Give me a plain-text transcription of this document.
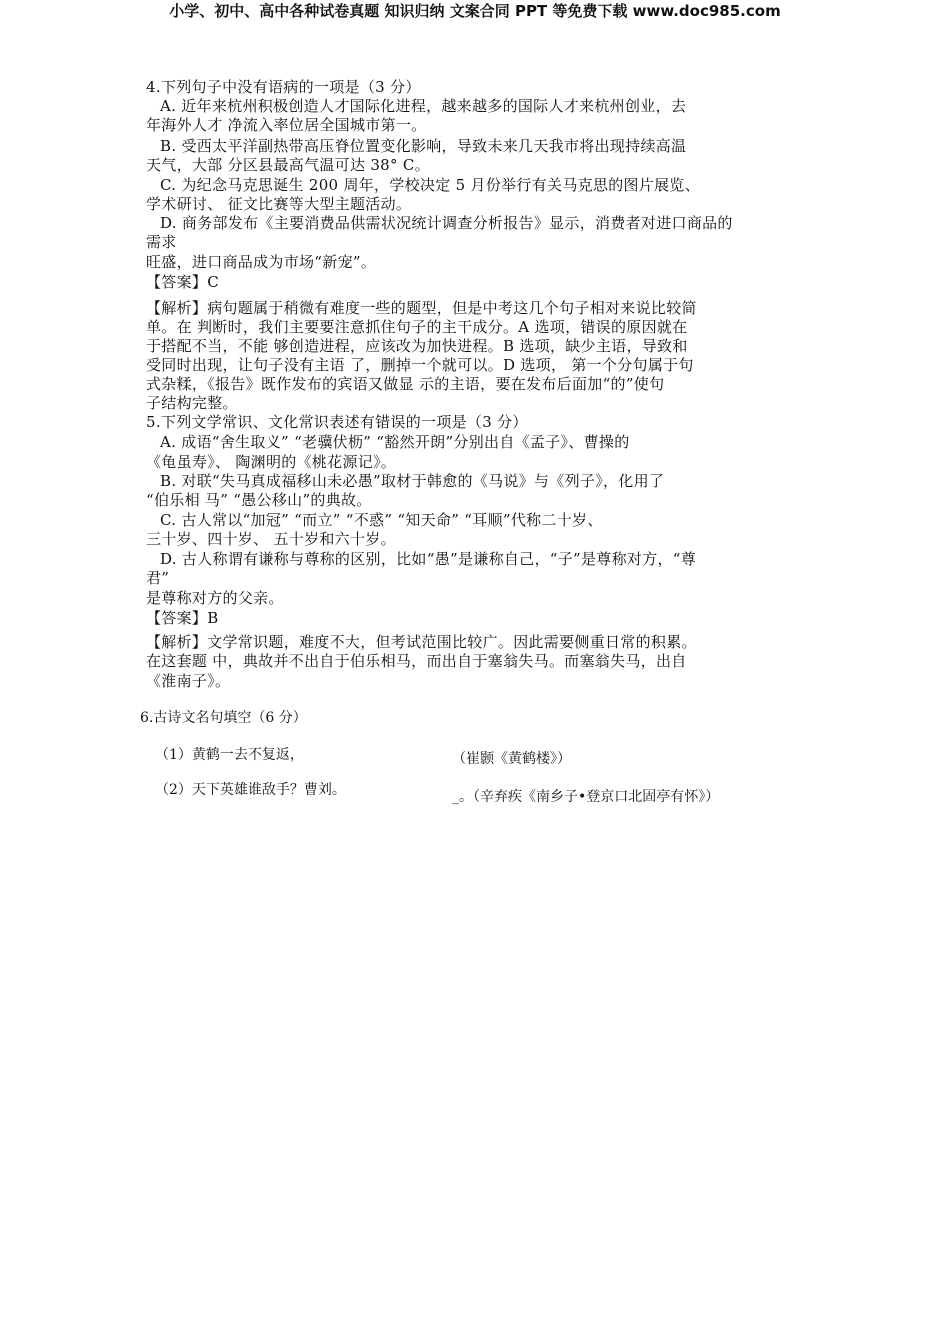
小学、初中、高中各种试卷真题 知识归纳 文案合同 PPT 等免费下载 www.doc985.com
4.下列句子中没有语病的一项是（3 分）
A. 近年来杭州积极创造人才国际化进程，越来越多的国际人才来杭州创业，去
年海外人才 净流入率位居全国城市第一。
B. 受西太平洋副热带高压脊位置变化影响，导致未来几天我市将出现持续高温
天气，大部 分区县最高气温可达 38° C。
C. 为纪念马克思诞生 200 周年，学校决定 5 月份举行有关马克思的图片展览、
学术研讨、 征文比赛等大型主题活动。
D. 商务部发布《主要消费品供需状况统计调查分析报告》显示，消费者对进口商品的
需求
旺盛，进口商品成为市场“新宠”。
【答案】C
【解析】病句题属于稍微有难度一些的题型，但是中考这几个句子相对来说比较简
单。在 判断时，我们主要要注意抓住句子的主干成分。A 选项，错误的原因就在
于搭配不当，不能 够创造进程，应该改为加快进程。B 选项，缺少主语，导致和
受同时出现，让句子没有主语 了，删掉一个就可以。D 选项， 第一个分句属于句
式杂糅，《报告》既作发布的宾语又做显 示的主语，要在发布后面加“的”使句
子结构完整。
5.下列文学常识、文化常识表述有错误的一项是（3 分）
A. 成语“舍生取义” “老骥伏枥” “豁然开朗”分别出自《孟子》、曹操的
《龟虽寿》、 陶渊明的《桃花源记》。
B. 对联“失马真成福移山未必愚”取材于韩愈的《马说》与《列子》，化用了
“伯乐相 马” “愚公移山”的典故。
C. 古人常以“加冠” “而立” “不惑” “知天命” “耳顺”代称二十岁、
三十岁、四十岁、 五十岁和六十岁。
D. 古人称谓有谦称与尊称的区别，比如“愚”是谦称自己，“子”是尊称对方，“尊
君”
是尊称对方的父亲。
【答案】B
【解析】文学常识题，难度不大，但考试范围比较广。因此需要侧重日常的积累。
在这套题 中，典故并不出自于伯乐相马，而出自于塞翁失马。而塞翁失马，出自
《淮南子》。
6.古诗文名句填空（6 分）
（1）黄鹤一去不复返，	（崔颢《黄鹤楼》）
（2）天下英雄谁敌手？曹刘。	_。（辛弃疾《南乡子•登京口北固亭有怀》）
